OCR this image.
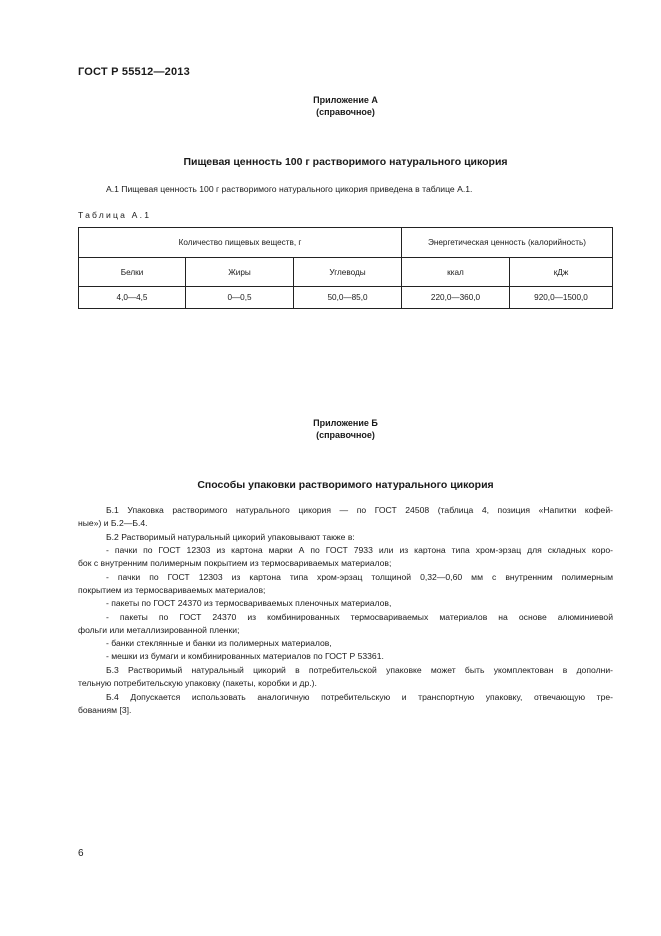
ГОСТ Р 55512—2013
Приложение А
(справочное)
Пищевая ценность 100 г растворимого натурального цикория
А.1 Пищевая ценность 100 г растворимого натурального цикория приведена в таблице А.1.
Таблица А.1
Количество пищевых веществ, г			Энергетическая ценность (калорийность)	
Белки	Жиры	Углеводы	ккал	кДж
4,0—4,5	0—0,5	50,0—85,0	220,0—360,0	920,0—1500,0
Приложение Б
(справочное)
Способы упаковки растворимого натурального цикория
Б.1 Упаковка растворимого натурального цикория — по ГОСТ 24508 (таблица 4, позиция «Напитки кофей-
ные») и Б.2—Б.4.
Б.2 Растворимый натуральный цикорий упаковывают также в:
- пачки по ГОСТ 12303 из картона марки А по ГОСТ 7933 или из картона типа хром-эрзац для складных коро-
бок с внутренним полимерным покрытием из термосвариваемых материалов;
- пачки по ГОСТ 12303 из картона типа хром-эрзац толщиной 0,32—0,60 мм с внутренним полимерным
покрытием из термосвариваемых материалов;
- пакеты по ГОСТ 24370 из термосвариваемых пленочных материалов,
- пакеты по ГОСТ 24370 из комбинированных термосвариваемых материалов на основе алюминиевой
фольги или металлизированной пленки;
- банки стеклянные и банки из полимерных материалов,
- мешки из бумаги и комбинированных материалов по ГОСТ Р 53361.
Б.3 Растворимый натуральный цикорий в потребительской упаковке может быть укомплектован в дополни-
тельную потребительскую упаковку (пакеты, коробки и др.).
Б.4 Допускается использовать аналогичную потребительскую и транспортную упаковку, отвечающую тре-
бованиям [3].
6
